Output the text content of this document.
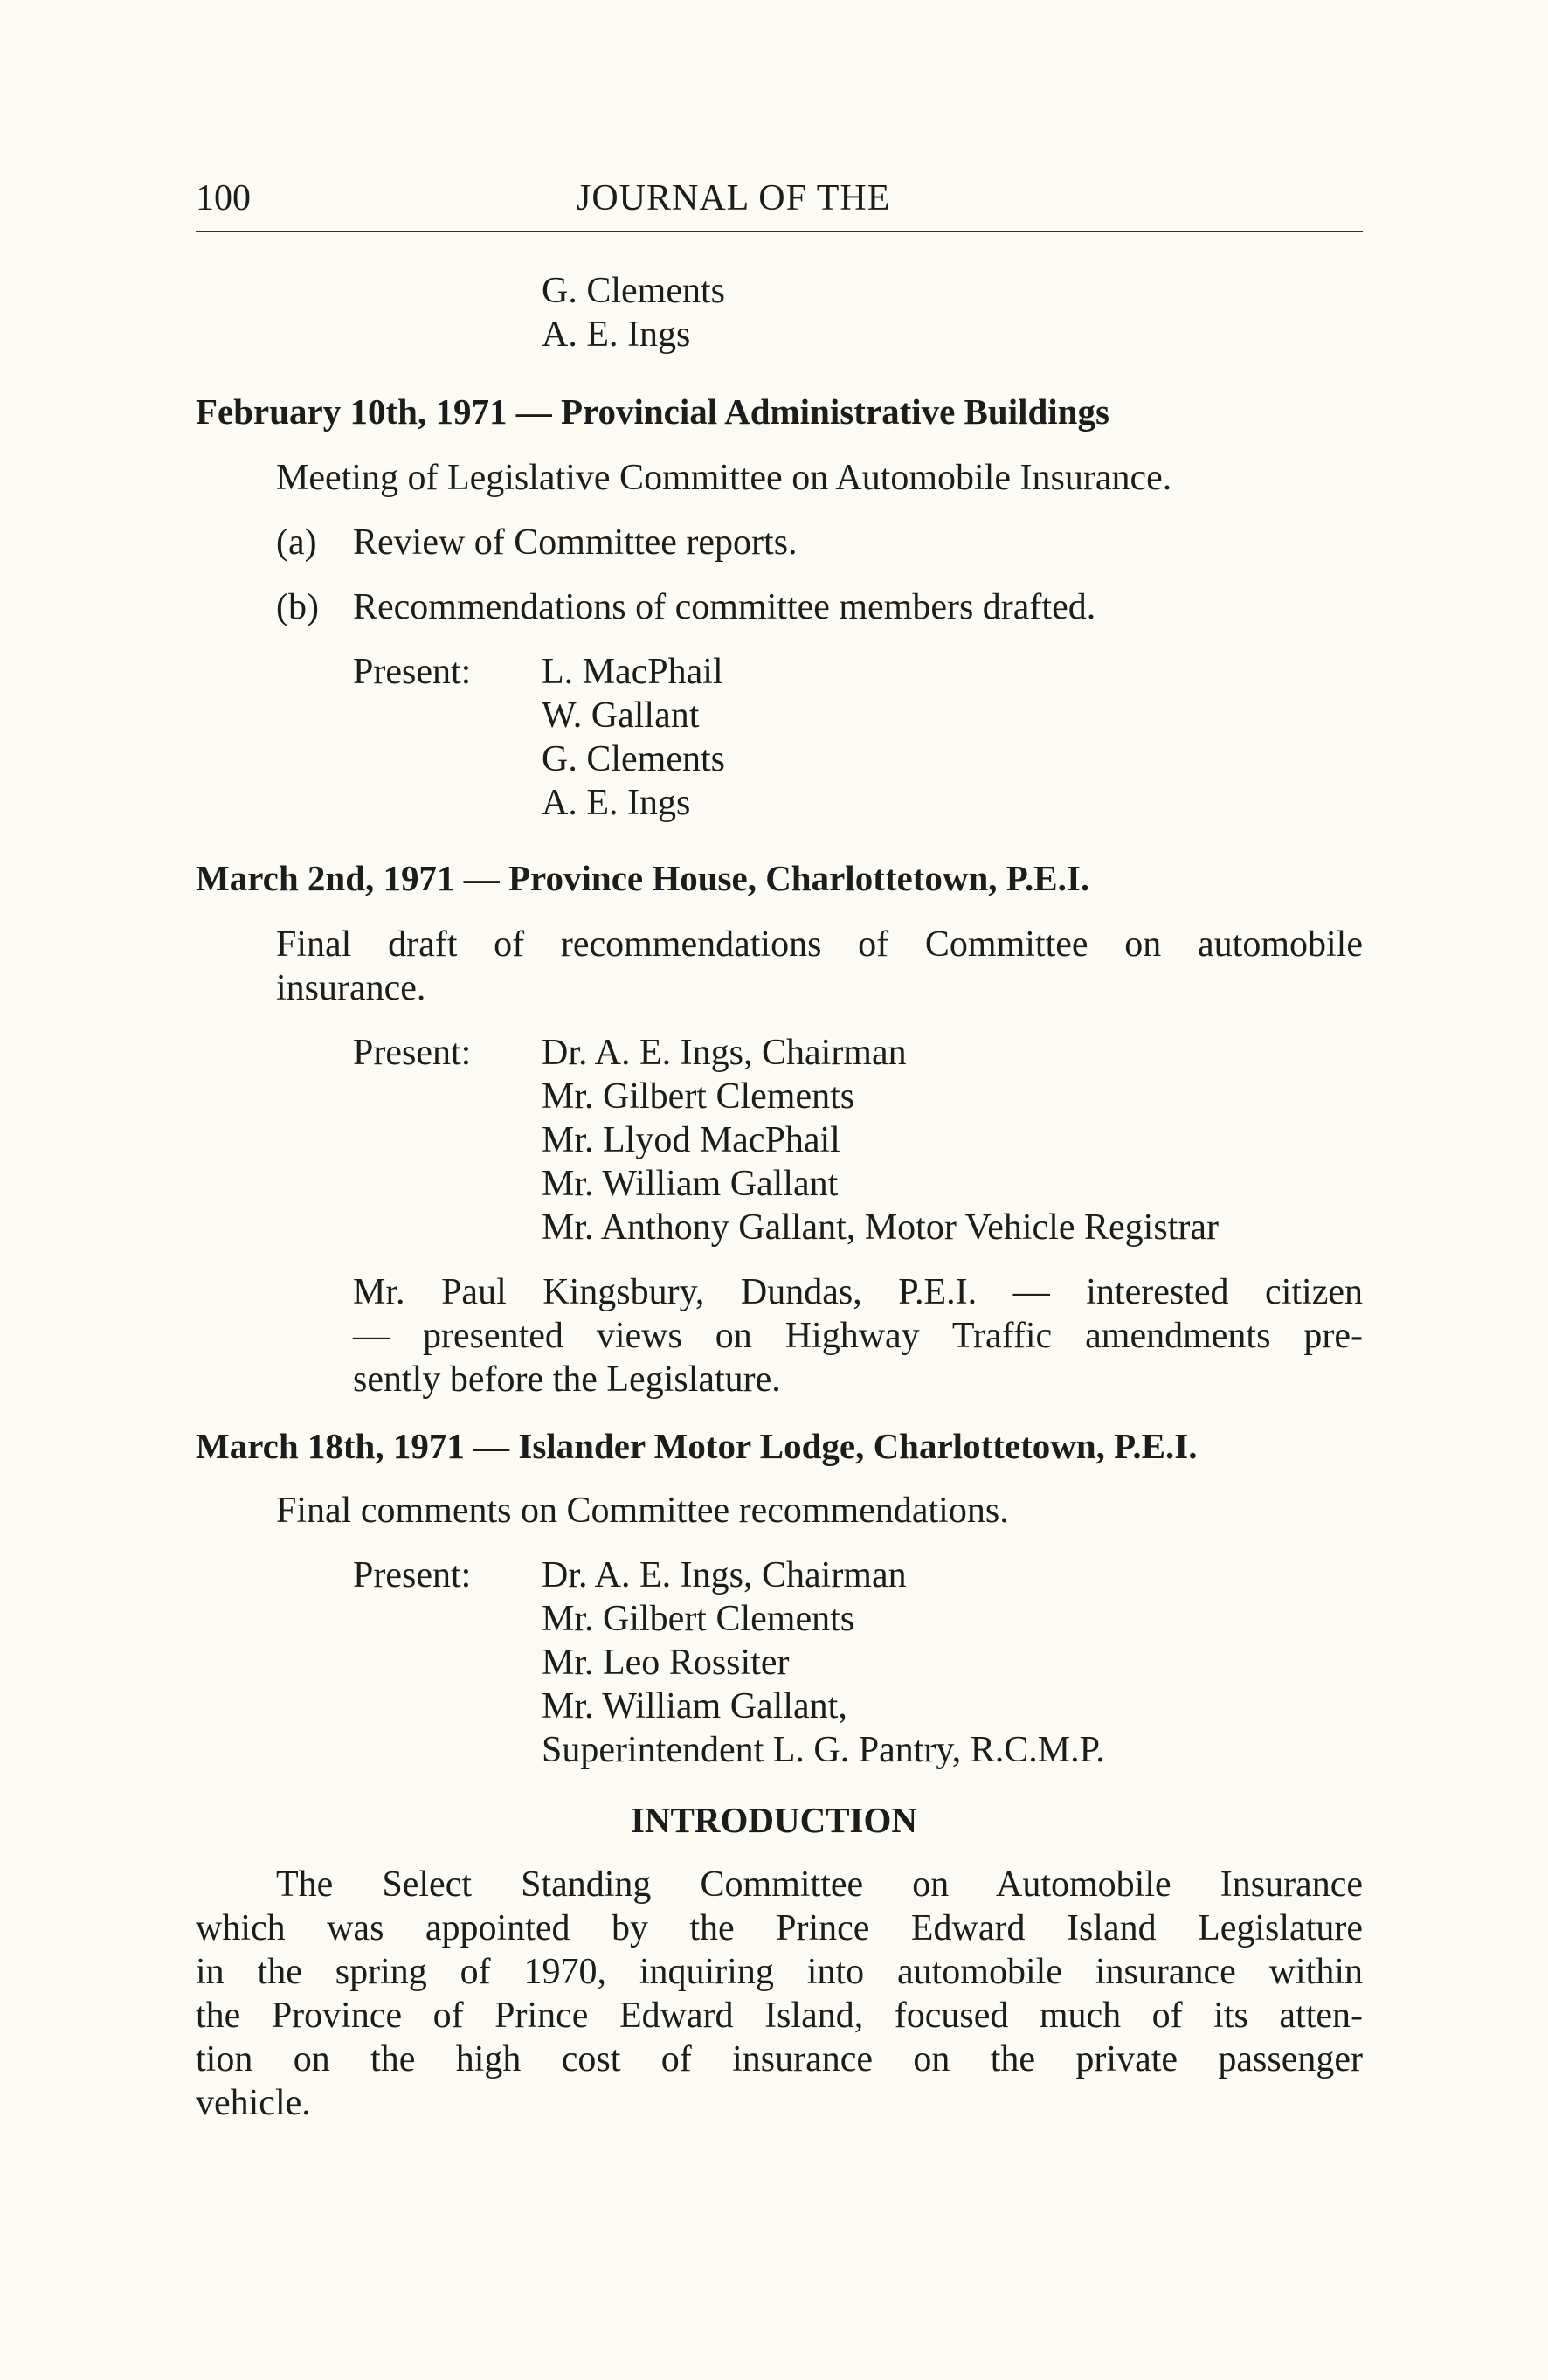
100	JOURNAL OF THE
G. Clements
A. E. Ings
February 10th, 1971 — Provincial Administrative Buildings
Meeting of Legislative Committee on Automobile Insurance.
(a) Review of Committee reports.
(b) Recommendations of committee members drafted.
Present: L. MacPhail
W. Gallant
G. Clements
A. E. Ings
March 2nd, 1971 — Province House, Charlottetown, P.E.I.
Final draft of recommendations of Committee on automobile
insurance.
Present: Dr. A. E. Ings, Chairman
Mr. Gilbert Clements
Mr. Llyod MacPhail
Mr. William Gallant
Mr. Anthony Gallant, Motor Vehicle Registrar
Mr. Paul Kingsbury, Dundas, P.E.I. — interested citizen
— presented views on Highway Traffic amendments pre-
sently before the Legislature.
March 18th, 1971 — Islander Motor Lodge, Charlottetown, P.E.I.
Final comments on Committee recommendations.
Present: Dr. A. E. Ings, Chairman
Mr. Gilbert Clements
Mr. Leo Rossiter
Mr. William Gallant,
Superintendent L. G. Pantry, R.C.M.P.
INTRODUCTION
The Select Standing Committee on Automobile Insurance
which was appointed by the Prince Edward Island Legislature
in the spring of 1970, inquiring into automobile insurance within
the Province of Prince Edward Island, focused much of its atten-
tion on the high cost of insurance on the private passenger
vehicle.
